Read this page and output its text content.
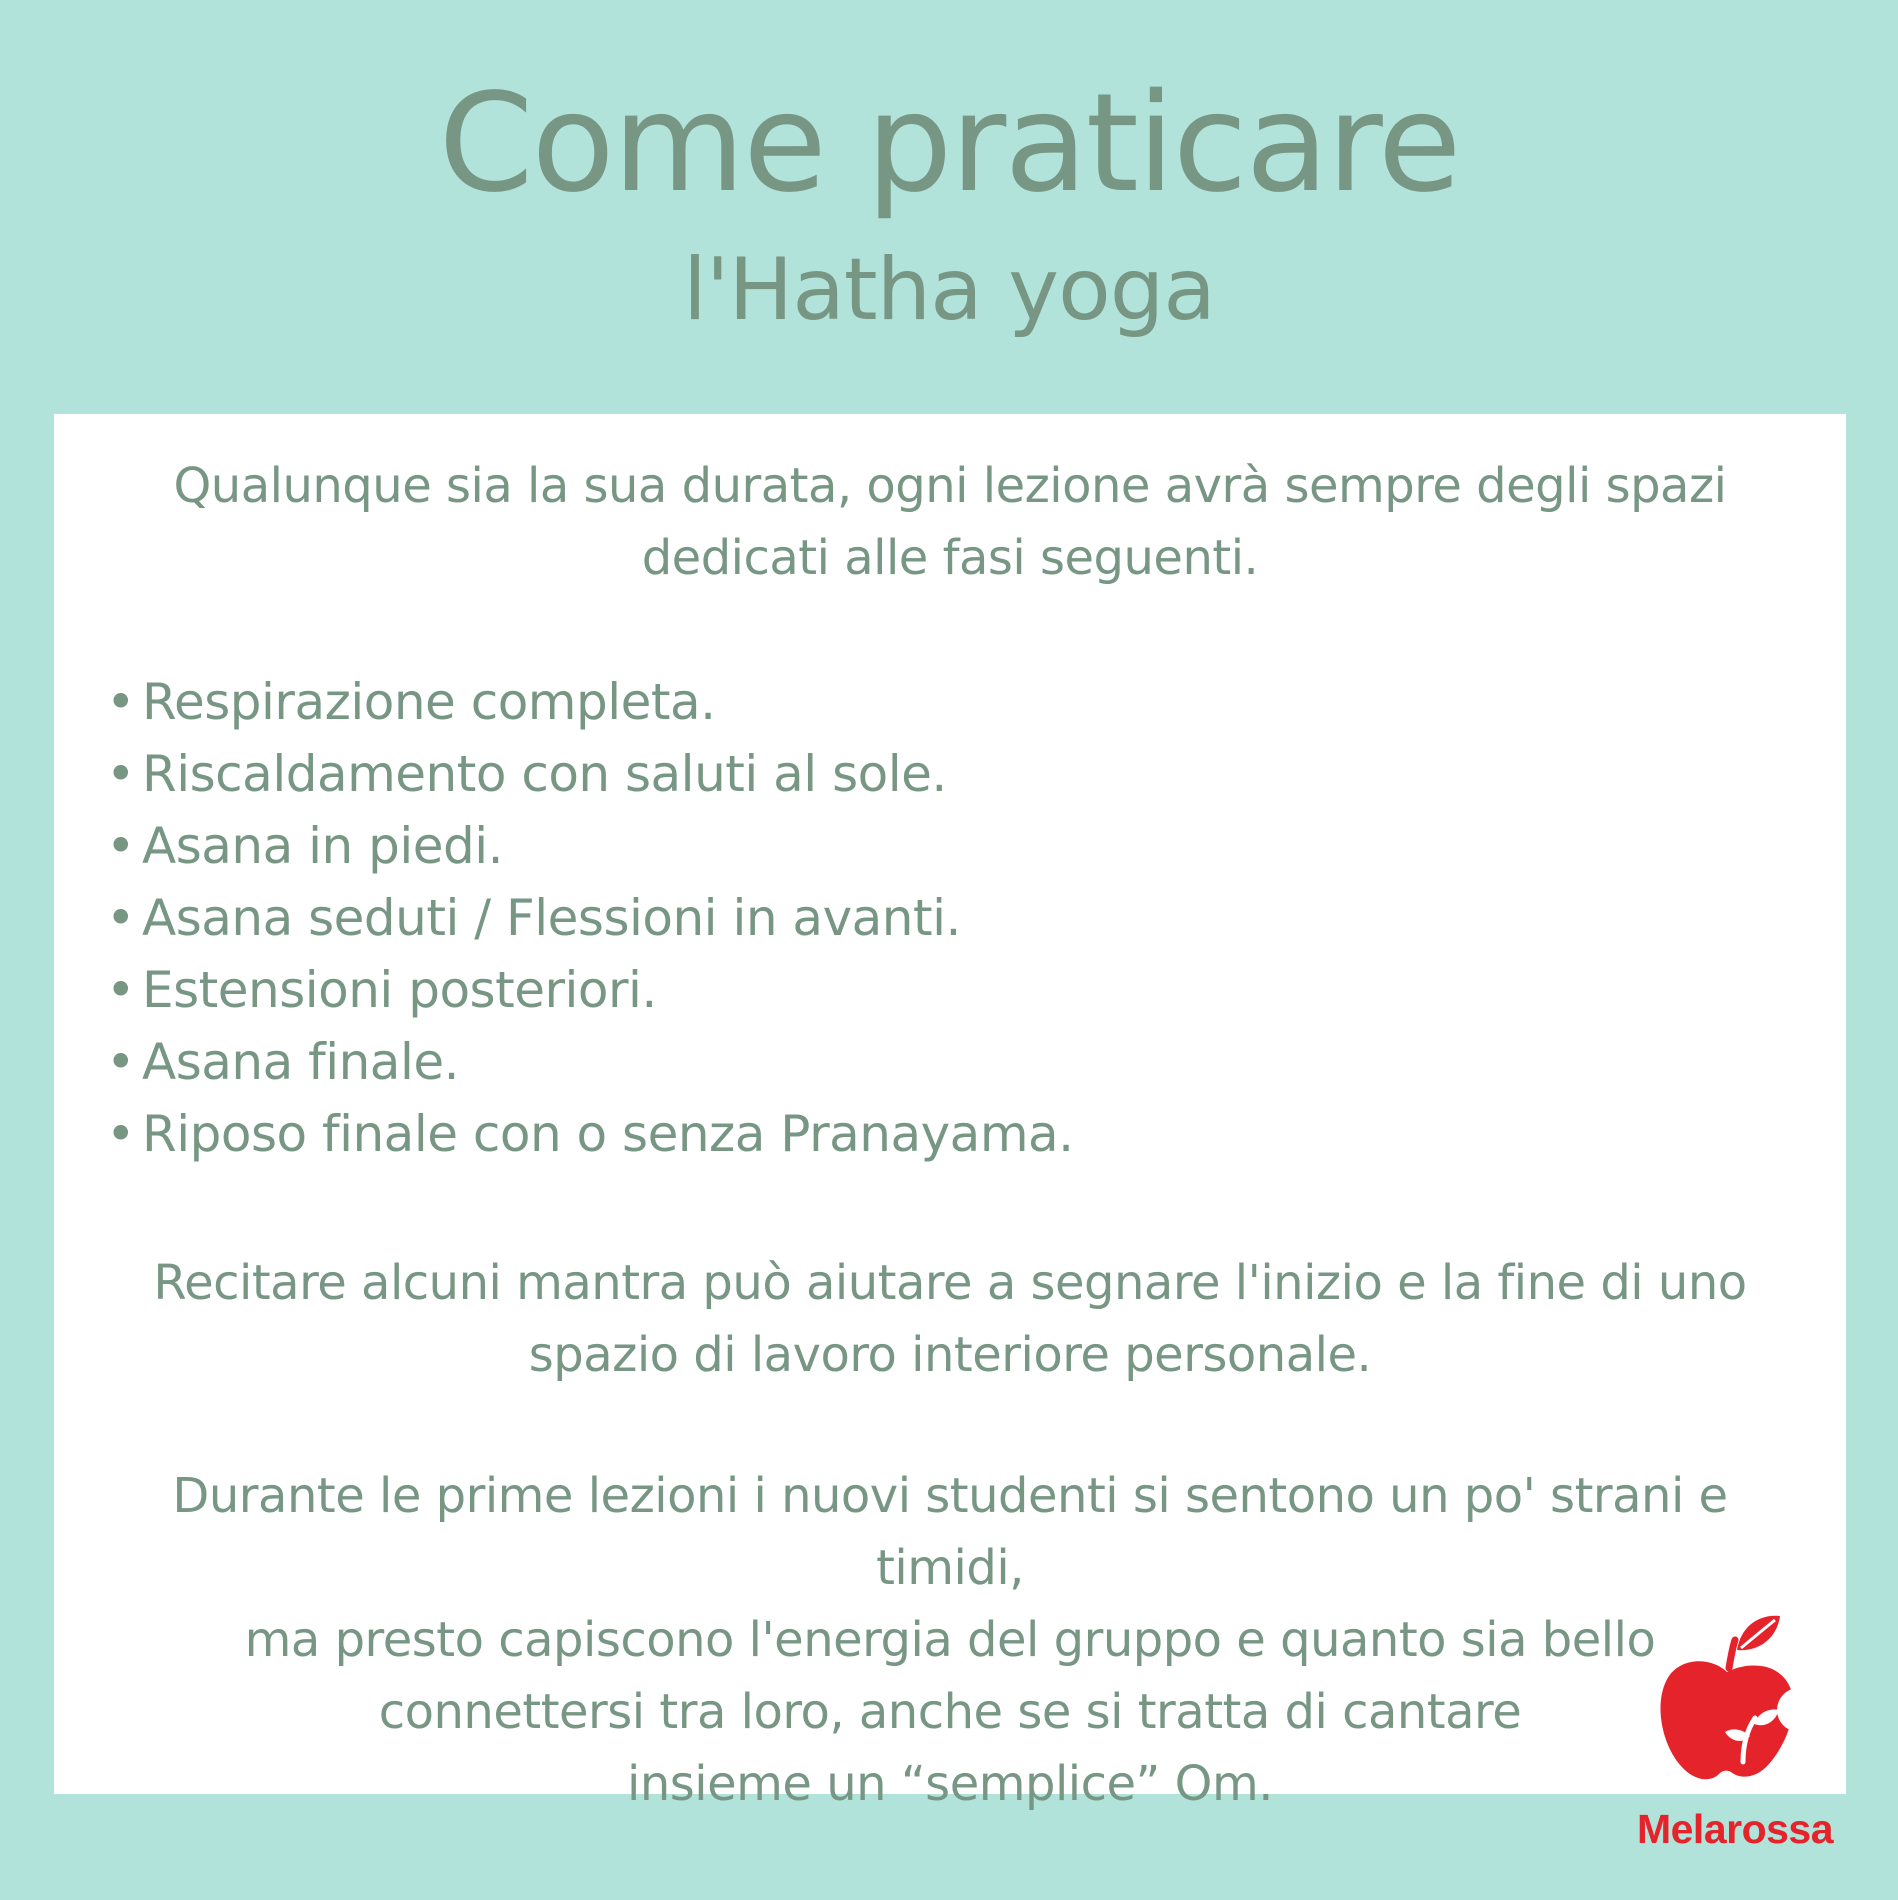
Come praticare
l'Hatha yoga
Qualunque sia la sua durata, ogni lezione avrà sempre degli spazi
dedicati alle fasi seguenti.
• Respirazione completa.
• Riscaldamento con saluti al sole.
• Asana in piedi.
• Asana seduti / Flessioni in avanti.
• Estensioni posteriori.
• Asana finale.
• Riposo finale con o senza Pranayama.
Recitare alcuni mantra può aiutare a segnare l'inizio e la fine di uno
spazio di lavoro interiore personale.
Durante le prime lezioni i nuovi studenti si sentono un po' strani e timidi,
ma presto capiscono l'energia del gruppo e quanto sia bello
connettersi tra loro, anche se si tratta di cantare
insieme un “semplice” Om.
Melarossa
